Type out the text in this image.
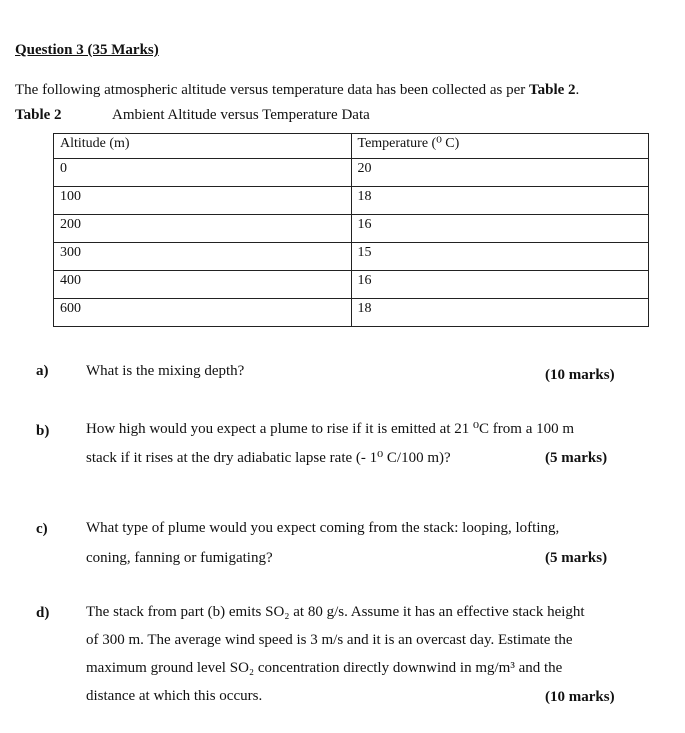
Question 3 (35 Marks)
The following atmospheric altitude versus temperature data has been collected as per Table 2.
Table 2	Ambient Altitude versus Temperature Data
Altitude (m)	Temperature (⁰ C)
0	20
100	18
200	16
300	15
400	16
600	18
a)	What is the mixing depth?	(10 marks)
b) How high would you expect a plume to rise if it is emitted at 21 ⁰C from a 100 m
stack if it rises at the dry adiabatic lapse rate (- 1⁰ C/100 m)?	(5 marks)
c)	What type of plume would you expect coming from the stack: looping, lofting,
coning, fanning or fumigating?	(5 marks)
d) The stack from part (b) emits SO₂ at 80 g/s. Assume it has an effective stack height
of 300 m. The average wind speed is 3 m/s and it is an overcast day. Estimate the
maximum ground level SO₂ concentration directly downwind in mg/m³ and the
distance at which this occurs.	(10 marks)
